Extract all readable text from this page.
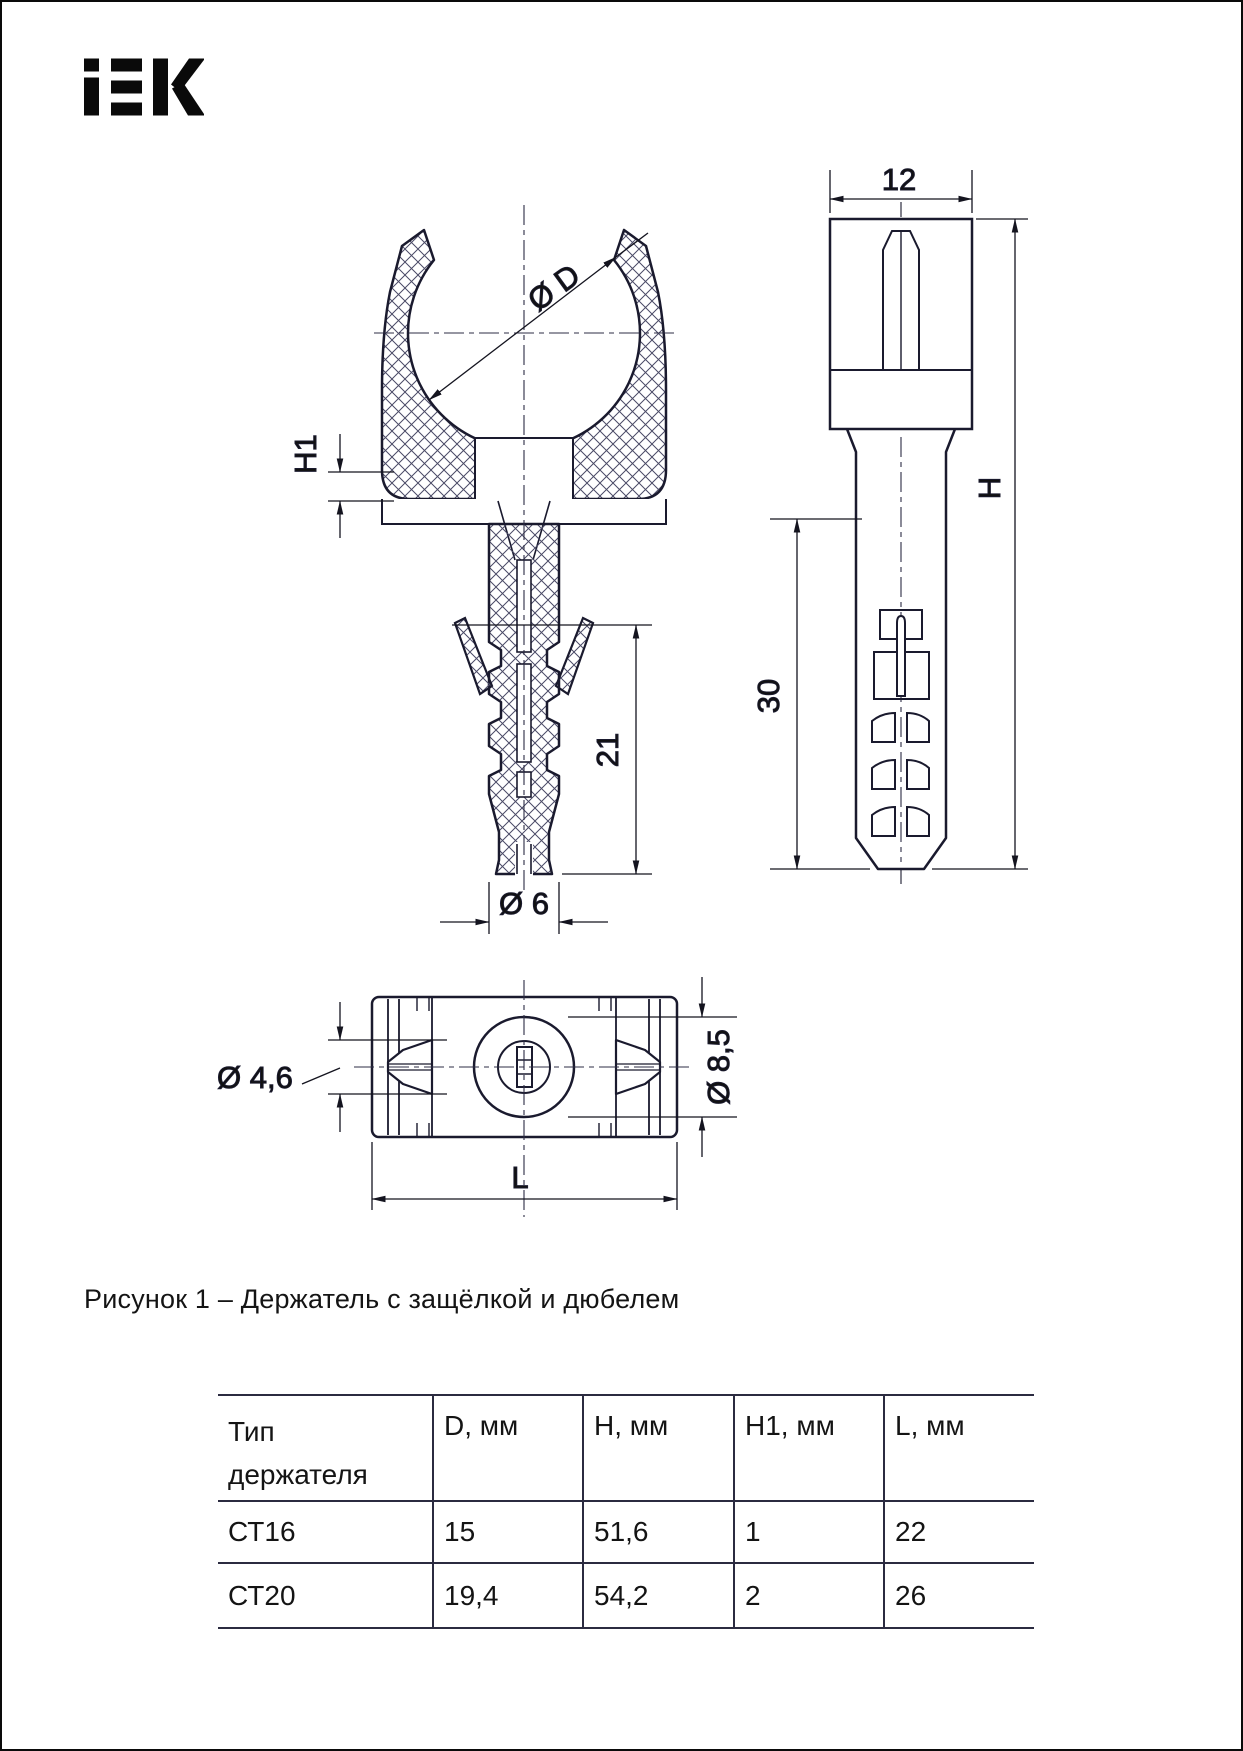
Ø D
H1
21
Ø 6
12
H
30
Ø 4,6	Ø 8,5
L
Рисунок 1 – Держатель с защёлкой и дюбелем
Тип держателя	D, мм	H, мм	H1, мм	L, мм
СТ16	15	51,6	1	22
СТ20	19,4	54,2	2	26
